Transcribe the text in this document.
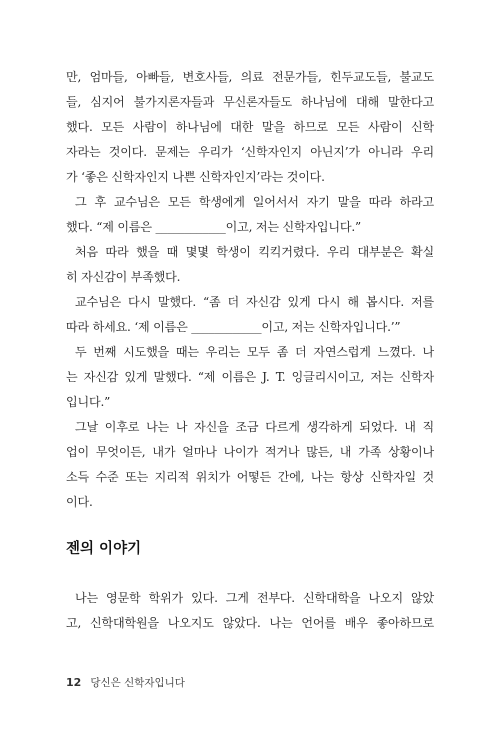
만, 엄마들, 아빠들, 변호사들, 의료 전문가들, 힌두교도들, 불교도
들, 심지어 불가지론자들과 무신론자들도 하나님에 대해 말한다고
했다. 모든 사람이 하나님에 대한 말을 하므로 모든 사람이 신학
자라는 것이다. 문제는 우리가 ‘신학자인지 아닌지’가 아니라 우리
가 ‘좋은 신학자인지 나쁜 신학자인지’라는 것이다.
그 후 교수님은 모든 학생에게 일어서서 자기 말을 따라 하라고
했다. “제 이름은 ____________이고, 저는 신학자입니다.”
처음 따라 했을 때 몇몇 학생이 킥킥거렸다. 우리 대부분은 확실
히 자신감이 부족했다.
교수님은 다시 말했다. “좀 더 자신감 있게 다시 해 봅시다. 저를
따라 하세요. ‘제 이름은 ____________이고, 저는 신학자입니다.’”
두 번째 시도했을 때는 우리는 모두 좀 더 자연스럽게 느꼈다. 나
는 자신감 있게 말했다. “제 이름은 J. T. 잉글리시이고, 저는 신학자
입니다.”
그날 이후로 나는 나 자신을 조금 다르게 생각하게 되었다. 내 직
업이 무엇이든, 내가 얼마나 나이가 적거나 많든, 내 가족 상황이나
소득 수준 또는 지리적 위치가 어떻든 간에, 나는 항상 신학자일 것
이다.
나는 영문학 학위가 있다. 그게 전부다. 신학대학을 나오지 않았
고, 신학대학원을 나오지도 않았다. 나는 언어를 배우 좋아하므로
젠의 이야기
12 당신은 신학자입니다
